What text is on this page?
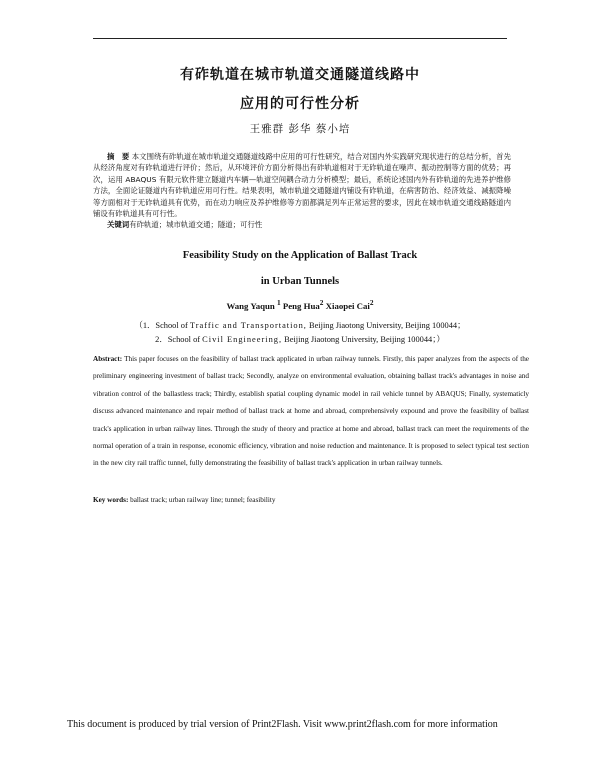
有砟轨道在城市轨道交通隧道线路中
应用的可行性分析
王雅群 彭华 蔡小培
摘　要 本文围绕有砟轨道在城市轨道交通隧道线路中应用的可行性研究，结合对国内外实践研究现状进行的总结分析，首先从经济角度对有砟轨道进行评价；然后，从环境评价方面分析得出有砟轨道相对于无砟轨道在噪声、振动控制等方面的优势；再次，运用 ABAQUS 有限元软件建立隧道内车辆—轨道空间耦合动力分析模型；最后，系统论述国内外有砟轨道的先进养护维修方法，全面论证隧道内有砟轨道应用可行性。结果表明，城市轨道交通隧道内铺设有砟轨道，在病害防治、经济效益、减振降噪等方面相对于无砟轨道具有优势，而在动力响应及养护维修等方面都满足列车正常运营的要求，因此在城市轨道交通线路隧道内铺设有砟轨道具有可行性。
关键词有砟轨道；城市轨道交通；隧道；可行性
Feasibility Study on the Application of Ballast Track
in Urban Tunnels
Wang Yaqun $^1$ Peng Hua$^2$ Xiaopei Cai$^2$
（1．School of Traffic and Transportation, Beijing Jiaotong University, Beijing 100044；
2．School of Civil Engineering, Beijing Jiaotong University, Beijing 100044；）
Abstract: This paper focuses on the feasibility of ballast track applicated in urban railway tunnels. Firstly, this paper analyzes from the aspects of the preliminary engineering investment of ballast track; Secondly, analyze on environmental evaluation, obtaining ballast track's advantages in noise and vibration control of the ballastless track; Thirdly, establish spatial coupling dynamic model in rail vehicle tunnel by ABAQUS; Finally, systematicly discuss advanced maintenance and repair method of ballast track at home and abroad, comprehensively expound and prove the feasibility of ballast track's application in urban railway lines. Through the study of theory and practice at home and abroad, ballast track can meet the requirements of the normal operation of a train in response, economic efficiency, vibration and noise reduction and maintenance. It is proposed to select typical test section in the new city rail traffic tunnel, fully demonstrating the feasibility of ballast track's application in urban railway tunnels.
Key words: ballast track; urban railway line; tunnel; feasibility
This document is produced by trial version of Print2Flash. Visit www.print2flash.com for more information
